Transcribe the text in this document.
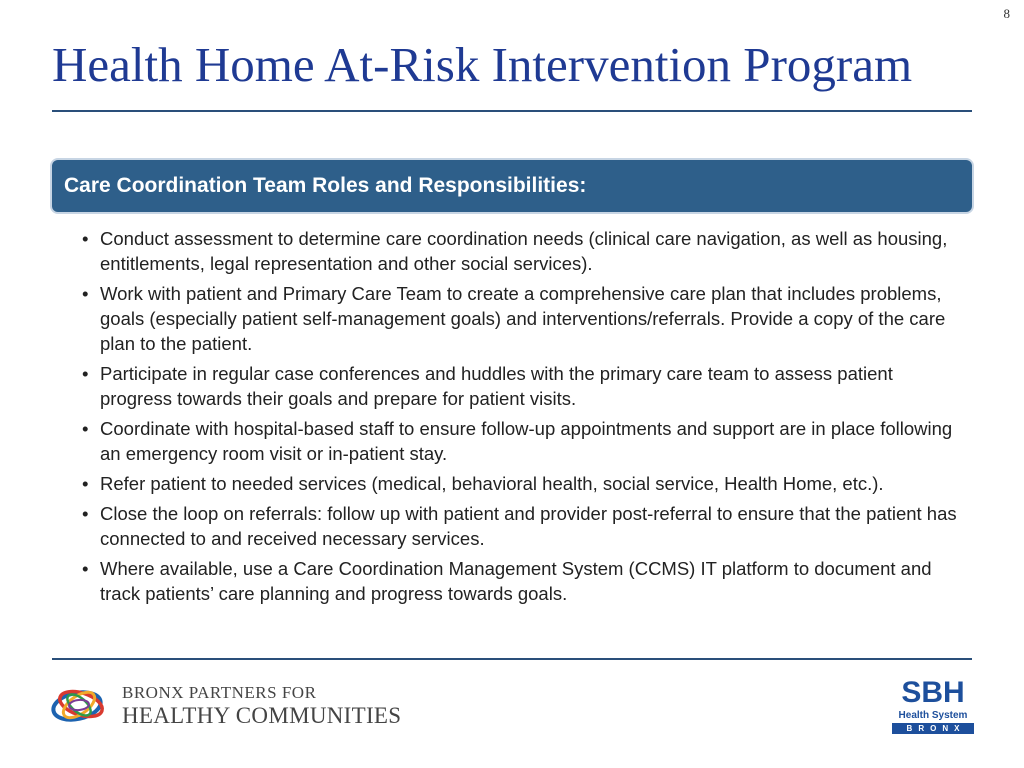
8
Health Home At-Risk Intervention Program
Care Coordination Team Roles and Responsibilities:
• Conduct assessment to determine care coordination needs (clinical care navigation, as well as housing, entitlements, legal representation and other social services).
• Work with patient and Primary Care Team to create a comprehensive care plan that includes problems, goals (especially patient self-management goals) and interventions/referrals. Provide a copy of the care plan to the patient.
• Participate in regular case conferences and huddles with the primary care team to assess patient progress towards their goals and prepare for patient visits.
• Coordinate with hospital-based staff to ensure follow-up appointments and support are in place following an emergency room visit or in-patient stay.
• Refer patient to needed services (medical, behavioral health, social service, Health Home, etc.).
• Close the loop on referrals: follow up with patient and provider post-referral to ensure that the patient has connected to and received necessary services.
• Where available, use a Care Coordination Management System (CCMS) IT platform to document and track patients’ care planning and progress towards goals.
BRONX PARTNERS FOR
HEALTHY COMMUNITIES
SBH
Health System
BRONX
